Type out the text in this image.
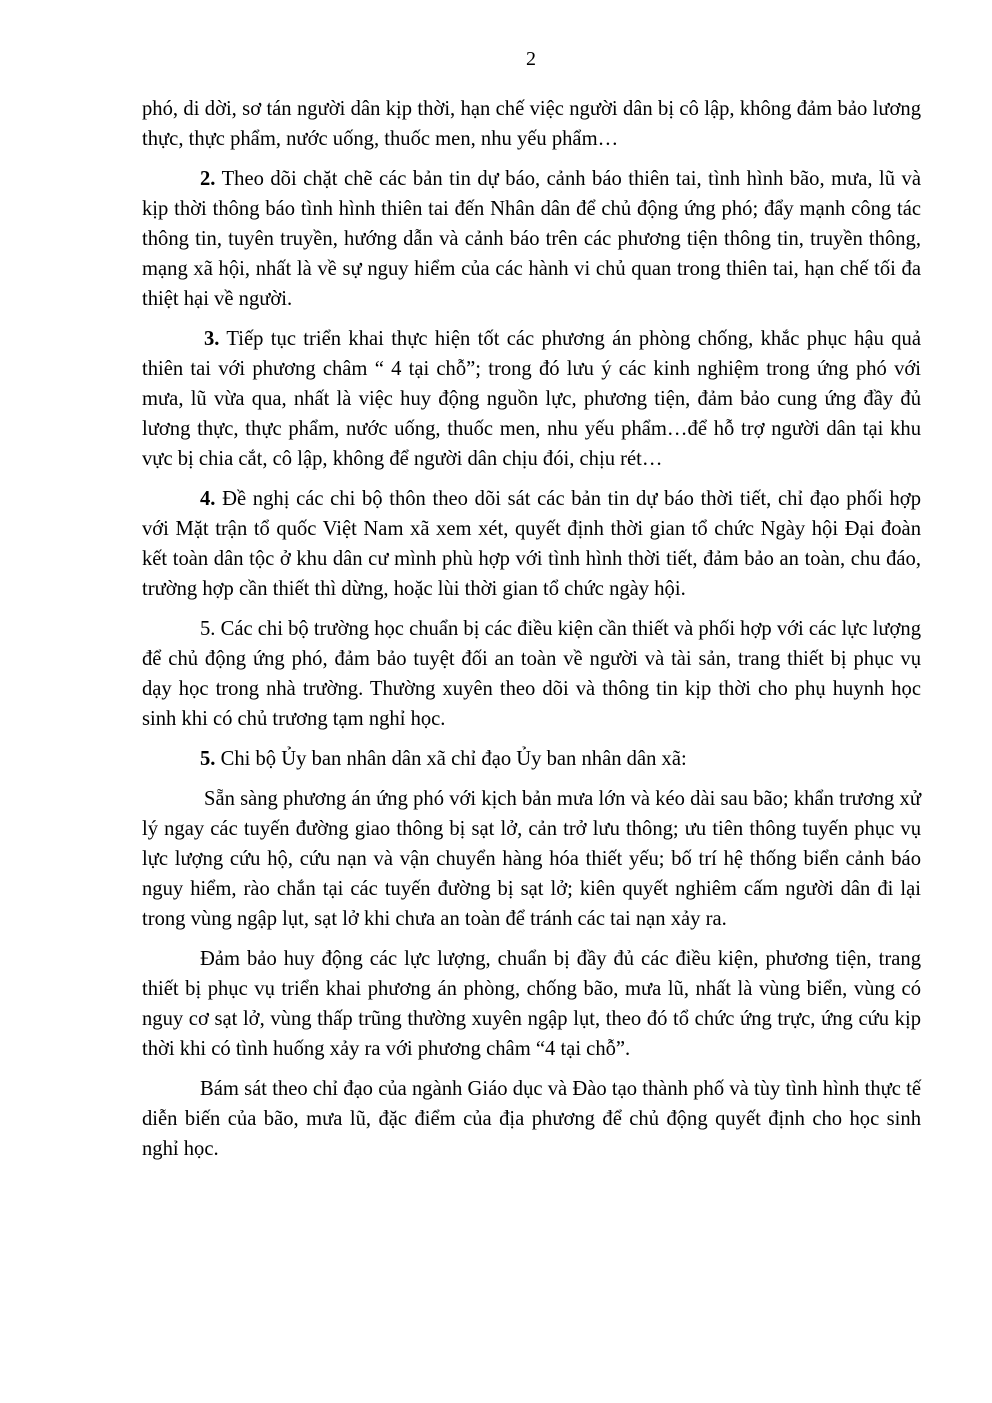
2

phó, di dời, sơ tán người dân kịp thời, hạn chế việc người dân bị cô lập, không đảm bảo lương thực, thực phẩm, nước uống, thuốc men, nhu yếu phẩm…

2. Theo dõi chặt chẽ các bản tin dự báo, cảnh báo thiên tai, tình hình bão, mưa, lũ và kịp thời thông báo tình hình thiên tai đến Nhân dân để chủ động ứng phó; đẩy mạnh công tác thông tin, tuyên truyền, hướng dẫn và cảnh báo trên các phương tiện thông tin, truyền thông, mạng xã hội, nhất là về sự nguy hiểm của các hành vi chủ quan trong thiên tai, hạn chế tối đa thiệt hại về người.

3. Tiếp tục triển khai thực hiện tốt các phương án phòng chống, khắc phục hậu quả thiên tai với phương châm “ 4 tại chỗ”; trong đó lưu ý các kinh nghiệm trong ứng phó với mưa, lũ vừa qua, nhất là việc huy động nguồn lực, phương tiện, đảm bảo cung ứng đầy đủ lương thực, thực phẩm, nước uống, thuốc men, nhu yếu phẩm…để hỗ trợ người dân tại khu vực bị chia cắt, cô lập, không để người dân chịu đói, chịu rét…

4. Đề nghị các chi bộ thôn theo dõi sát các bản tin dự báo thời tiết, chỉ đạo phối hợp với Mặt trận tổ quốc Việt Nam xã xem xét, quyết định thời gian tổ chức Ngày hội Đại đoàn kết toàn dân tộc ở khu dân cư mình phù hợp với tình hình thời tiết, đảm bảo an toàn, chu đáo, trường hợp cần thiết thì dừng, hoặc lùi thời gian tổ chức ngày hội.

5. Các chi bộ trường học chuẩn bị các điều kiện cần thiết và phối hợp với các lực lượng để chủ động ứng phó, đảm bảo tuyệt đối an toàn về người và tài sản, trang thiết bị phục vụ dạy học trong nhà trường. Thường xuyên theo dõi và thông tin kịp thời cho phụ huynh học sinh khi có chủ trương tạm nghỉ học.

5. Chi bộ Ủy ban nhân dân xã chỉ đạo Ủy ban nhân dân xã:

Sẵn sàng phương án ứng phó với kịch bản mưa lớn và kéo dài sau bão; khẩn trương xử lý ngay các tuyến đường giao thông bị sạt lở, cản trở lưu thông; ưu tiên thông tuyến phục vụ lực lượng cứu hộ, cứu nạn và vận chuyển hàng hóa thiết yếu; bố trí hệ thống biển cảnh báo nguy hiểm, rào chắn tại các tuyến đường bị sạt lở; kiên quyết nghiêm cấm người dân đi lại trong vùng ngập lụt, sạt lở khi chưa an toàn để tránh các tai nạn xảy ra.

Đảm bảo huy động các lực lượng, chuẩn bị đầy đủ các điều kiện, phương tiện, trang thiết bị phục vụ triển khai phương án phòng, chống bão, mưa lũ, nhất là vùng biển, vùng có nguy cơ sạt lở, vùng thấp trũng thường xuyên ngập lụt, theo đó tổ chức ứng trực, ứng cứu kịp thời khi có tình huống xảy ra với phương châm “4 tại chỗ”.

Bám sát theo chỉ đạo của ngành Giáo dục và Đào tạo thành phố và tùy tình hình thực tế diễn biến của bão, mưa lũ, đặc điểm của địa phương để chủ động quyết định cho học sinh nghỉ học.
